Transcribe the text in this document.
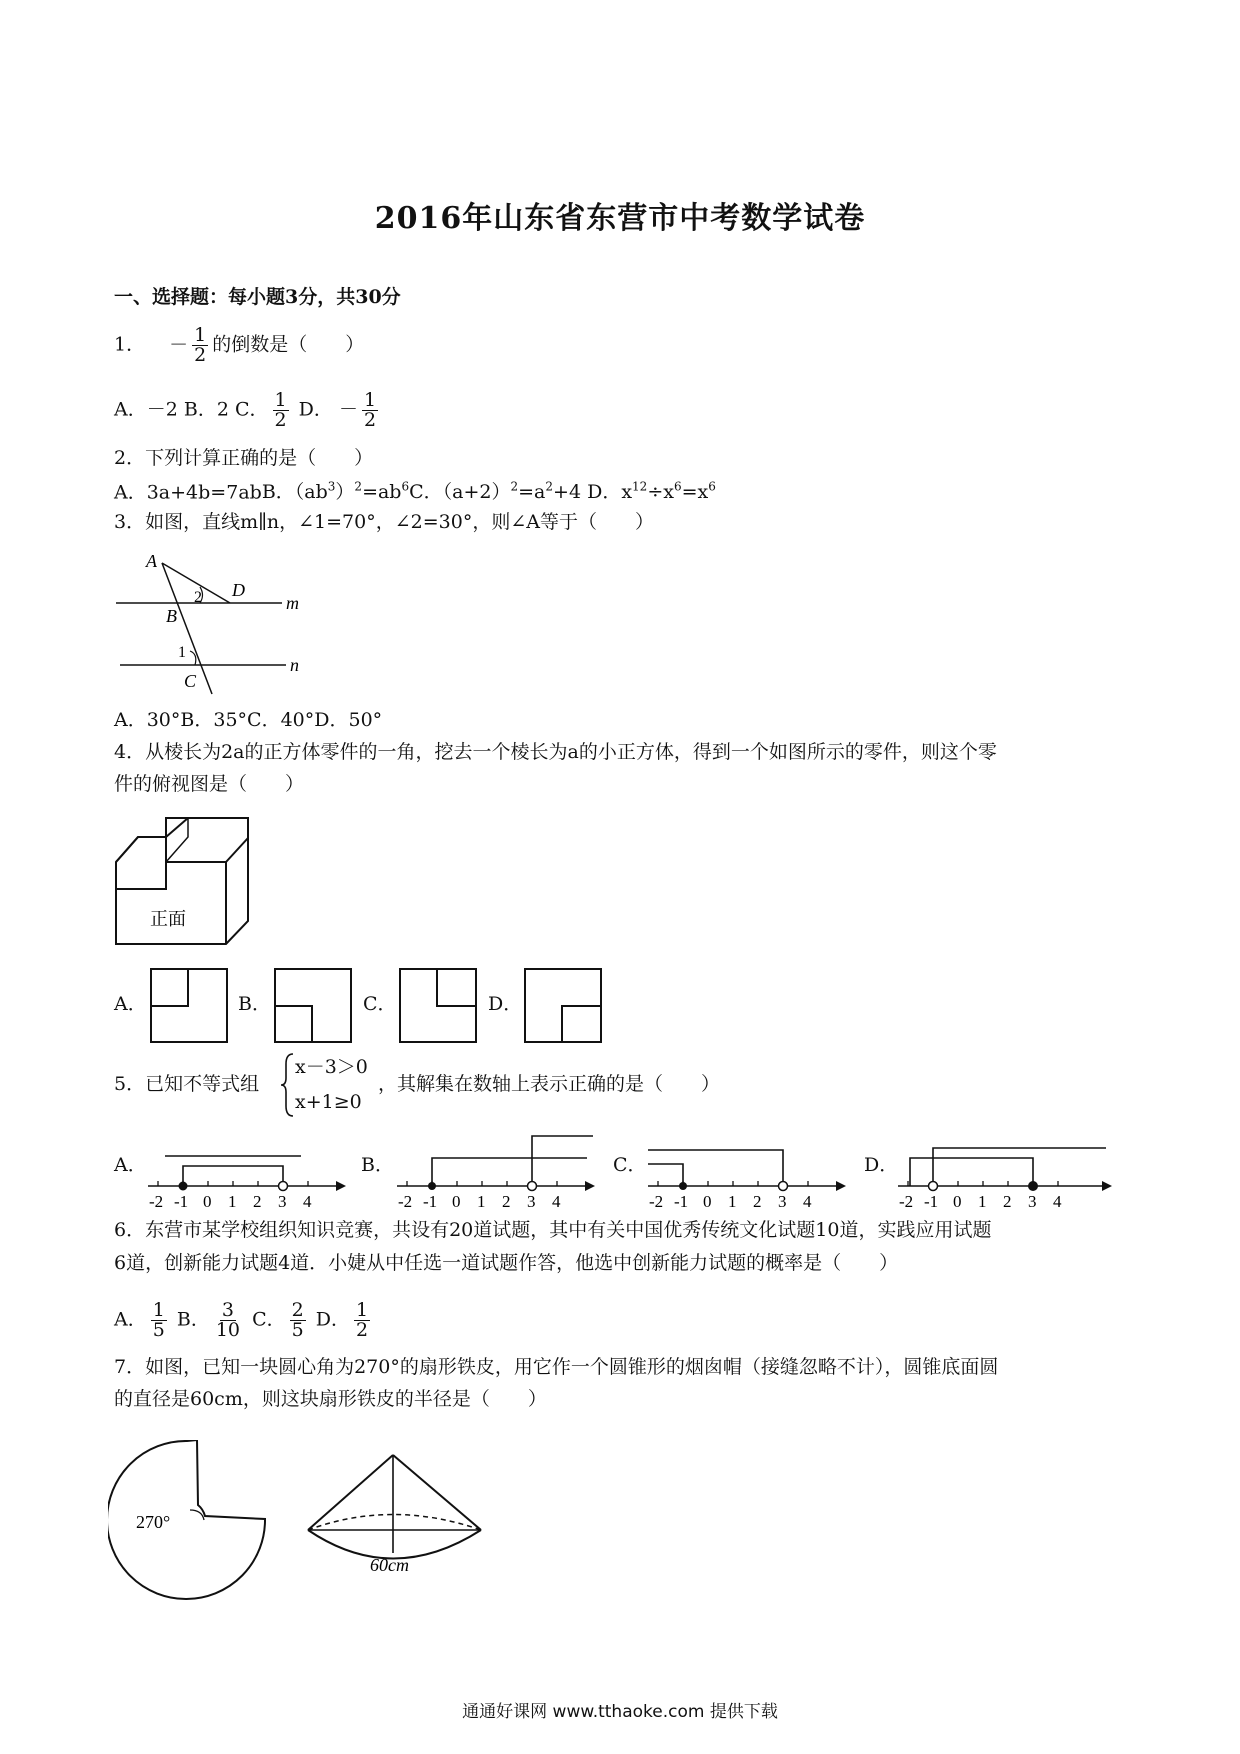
2016年山东省东营市中考数学试卷
一、选择题：每小题3分，共30分
1． － $\frac{1}{2}$ 的倒数是（　　）
A．－2 B．2 C． $\frac{1}{2}$ D． － $\frac{1}{2}$
2．下列计算正确的是（　　）
A．3a+4b=7abB．$(ab^3)^2=ab^6C$．$(a+2)^2=a^2+4$ D．$x^{12}\div x^6=x^6$
3．如图，直线m∥n，∠1=70°，∠2=30°，则∠A等于（　　）
A
B
C
D
m
n
1
2
A．30°B．35°C．40°D．50°
4．从棱长为2a的正方体零件的一角，挖去一个棱长为a的小正方体，得到一个如图所示的零件，则这个零
件的俯视图是（　　）
正面
A．	B．	C．	D．
5．已知不等式组
x－3＞0
x+1≥0
，其解集在数轴上表示正确的是（　　）
A．	B．	C．	D．
-2 -1 0 1 2 3 4	-2 -1 0 1 2 3 4	-2 -1 0 1 2 3 4	-2 -1 0 1 2 3 4
6．东营市某学校组织知识竞赛，共设有20道试题，其中有关中国优秀传统文化试题10道，实践应用试题
6道，创新能力试题4道．小婕从中任选一道试题作答，他选中创新能力试题的概率是（　　）
A． $\frac{1}{5}$ B． $\frac{3}{10}$ C． $\frac{2}{5}$ D． $\frac{1}{2}$
7．如图，已知一块圆心角为270°的扇形铁皮，用它作一个圆锥形的烟囱帽（接缝忽略不计），圆锥底面圆
的直径是60cm，则这块扇形铁皮的半径是（　　）
270°
60cm
通通好课网 www.tthaoke.com 提供下载
